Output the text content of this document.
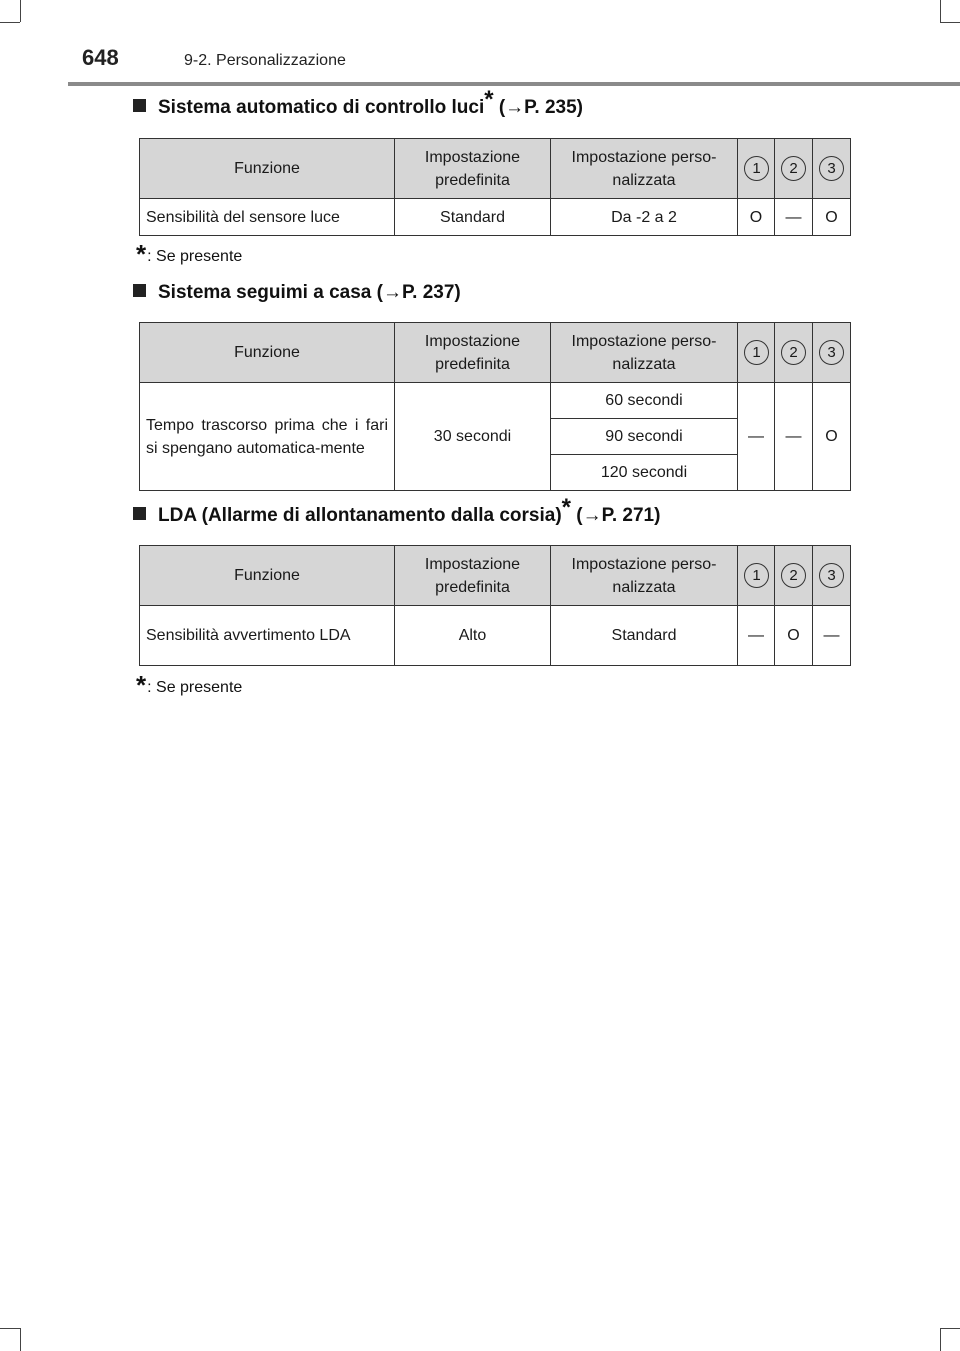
648	9-2. Personalizzazione
Sistema automatico di controllo luci* (→P. 235)
Funzione	Impostazione predefinita	Impostazione perso-nalizzata	1	2	3
Sensibilità del sensore luce	Standard	Da -2 a 2	O	—	O
*: Se presente
Sistema seguimi a casa (→P. 237)
Funzione	Impostazione predefinita	Impostazione perso-nalizzata	1	2	3
Tempo trascorso prima che i fari si spengano automatica-mente	30 secondi	60 secondi	—	—	O
		90 secondi			
		120 secondi			
LDA (Allarme di allontanamento dalla corsia)* (→P. 271)
Funzione	Impostazione predefinita	Impostazione perso-nalizzata	1	2	3
Sensibilità avvertimento LDA	Alto	Standard	—	O	—
*: Se presente
